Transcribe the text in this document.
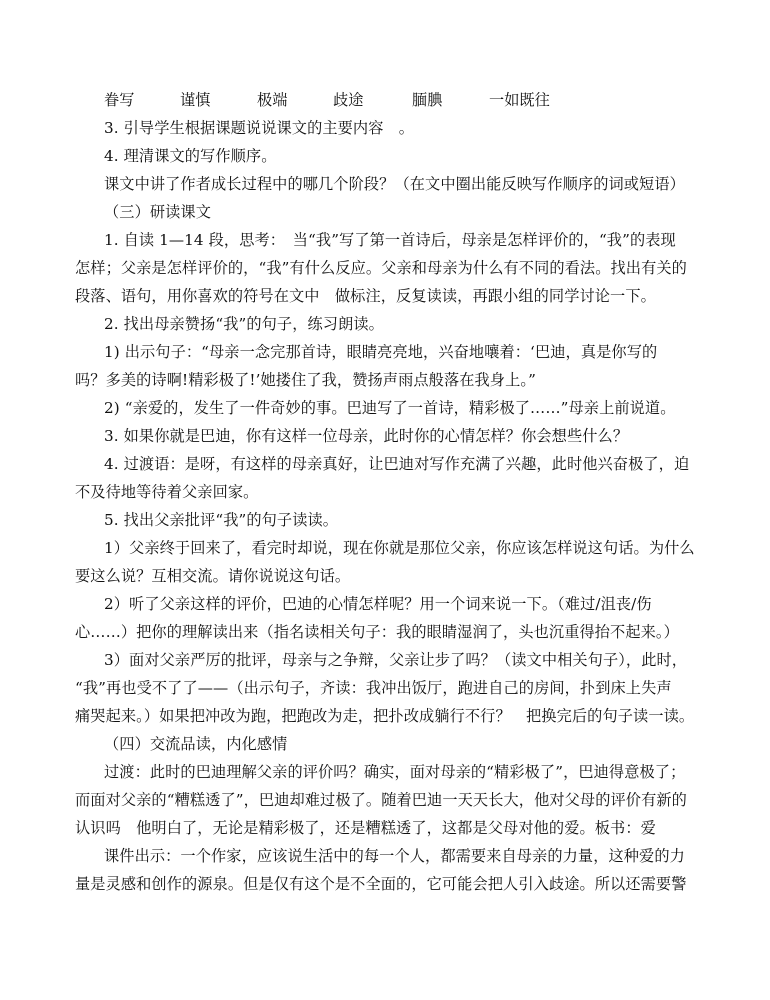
眷写	谨慎	极端	歧途	腼腆	一如既往
3. 引导学生根据课题说说课文的主要内容　。
4. 理清课文的写作顺序。
课文中讲了作者成长过程中的哪几个阶段？（在文中圈出能反映写作顺序的词或短语）
（三）研读课文
1. 自读 1—14 段，思考：　当“我”写了第一首诗后，母亲是怎样评价的，“我”的表现
怎样；父亲是怎样评价的，“我”有什么反应。父亲和母亲为什么有不同的看法。找出有关的
段落、语句，用你喜欢的符号在文中　做标注，反复读读，再跟小组的同学讨论一下。
2. 找出母亲赞扬“我”的句子，练习朗读。
1) 出示句子：“母亲一念完那首诗，眼睛亮亮地，兴奋地嚷着：‘巴迪，真是你写的
吗？多美的诗啊!精彩极了!’她搂住了我，赞扬声雨点般落在我身上。”
2) “亲爱的，发生了一件奇妙的事。巴迪写了一首诗，精彩极了……”母亲上前说道。
3. 如果你就是巴迪，你有这样一位母亲，此时你的心情怎样？你会想些什么？
4. 过渡语：是呀，有这样的母亲真好，让巴迪对写作充满了兴趣，此时他兴奋极了，迫
不及待地等待着父亲回家。
5. 找出父亲批评“我”的句子读读。
1）父亲终于回来了，看完时却说，现在你就是那位父亲，你应该怎样说这句话。为什么
要这么说？互相交流。请你说说这句话。
2）听了父亲这样的评价，巴迪的心情怎样呢？用一个词来说一下。（难过/沮丧/伤
心……）把你的理解读出来（指名读相关句子：我的眼睛湿润了，头也沉重得抬不起来。）
3）面对父亲严厉的批评，母亲与之争辩，父亲让步了吗？（读文中相关句子），此时，
“我”再也受不了了——（出示句子，齐读：我冲出饭厅，跑进自己的房间，扑到床上失声
痛哭起来。）如果把冲改为跑，把跑改为走，把扑改成躺行不行？　把换完后的句子读一读。
（四）交流品读，内化感情
过渡：此时的巴迪理解父亲的评价吗？确实，面对母亲的“精彩极了”，巴迪得意极了；
而面对父亲的“糟糕透了”，巴迪却难过极了。随着巴迪一天天长大，他对父母的评价有新的
认识吗　他明白了，无论是精彩极了，还是糟糕透了，这都是父母对他的爱。板书：爱
课件出示：一个作家，应该说生活中的每一个人，都需要来自母亲的力量，这种爱的力
量是灵感和创作的源泉。但是仅有这个是不全面的，它可能会把人引入歧途。所以还需要警
